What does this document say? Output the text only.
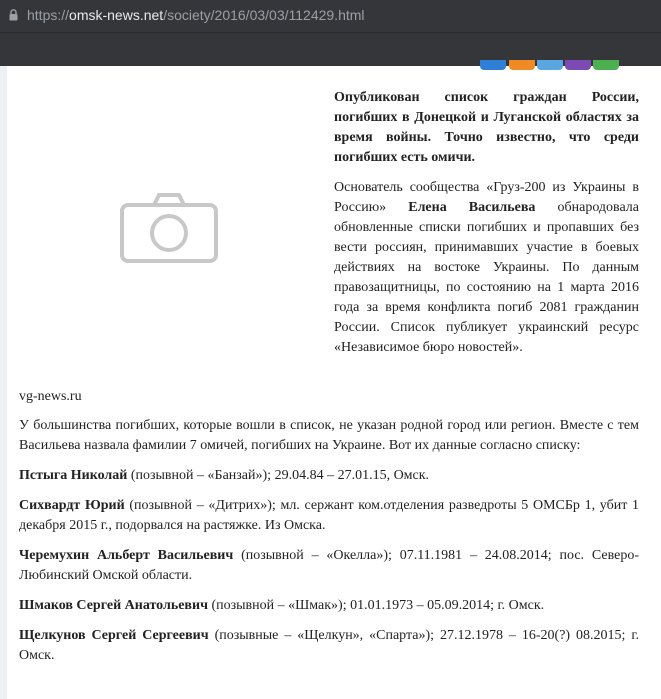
https://omsk-news.net/society/2016/03/03/112429.html

Опубликован список граждан России, погибших в Донецкой и Луганской областях за время войны. Точно известно, что среди погибших есть омичи.

Основатель сообщества «Груз-200 из Украины в Россию» Елена Васильева обнародовала обновленные списки погибших и пропавших без вести россиян, принимавших участие в боевых действиях на востоке Украины. По данным правозащитницы, по состоянию на 1 марта 2016 года за время конфликта погиб 2081 гражданин России. Список публикует украинский ресурс «Независимое бюро новостей».

vg-news.ru

У большинства погибших, которые вошли в список, не указан родной город или регион. Вместе с тем Васильева назвала фамилии 7 омичей, погибших на Украине. Вот их данные согласно списку:

Пстыга Николай (позывной – «Банзай»); 29.04.84 – 27.01.15, Омск.

Сихвардт Юрий (позывной – «Дитрих»); мл. сержант ком.отделения разведроты 5 ОМСБр 1, убит 1 декабря 2015 г., подорвался на растяжке. Из Омска.

Черемухин Альберт Васильевич (позывной – «Окелла»); 07.11.1981 – 24.08.2014; пос. Северо-Любинский Омской области.

Шмаков Сергей Анатольевич (позывной – «Шмак»); 01.01.1973 – 05.09.2014; г. Омск.

Щелкунов Сергей Сергеевич (позывные – «Щелкун», «Спарта»); 27.12.1978 – 16-20(?) 08.2015; г. Омск.
